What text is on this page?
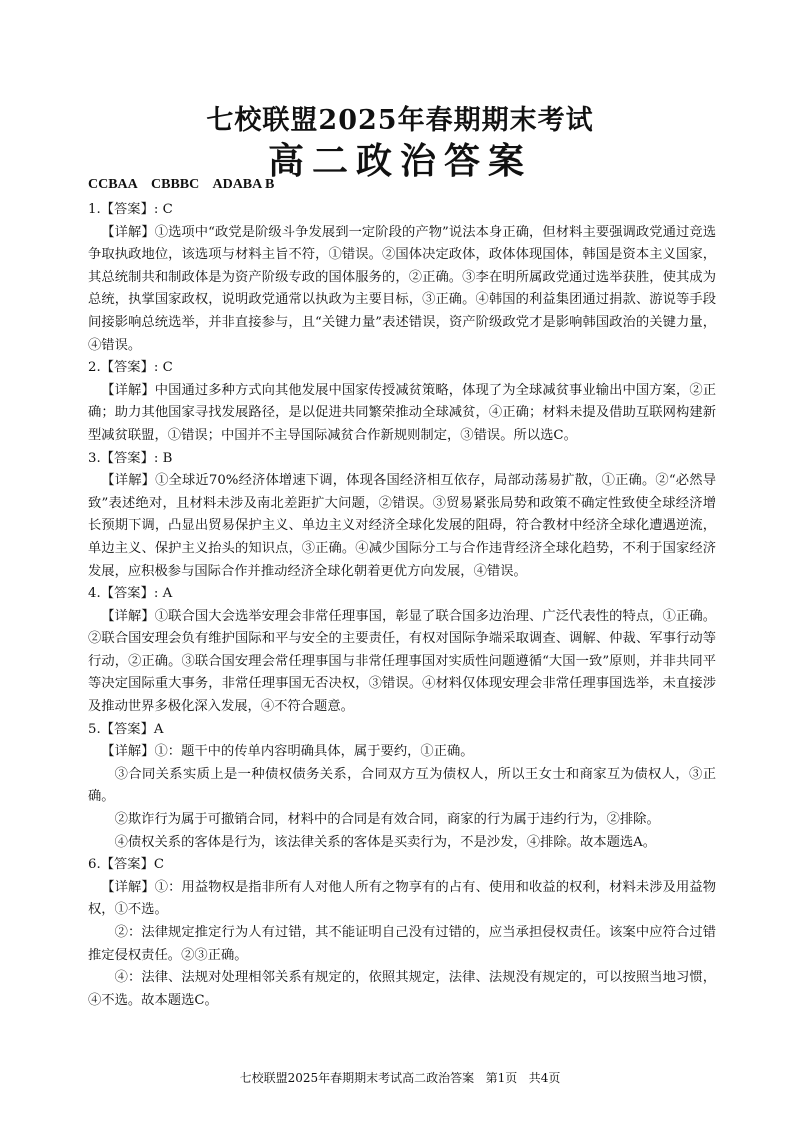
七校联盟2025年春期期末考试
高二政治答案
CCBAA    CBBBC    ADABA B

1.【答案】: C

【详解】①选项中“政党是阶级斗争发展到一定阶段的产物”说法本身正确，但材料主要强调政党通过竞选争取执政地位，该选项与材料主旨不符，①错误。②国体决定政体，政体体现国体，韩国是资本主义国家，其总统制共和制政体是为资产阶级专政的国体服务的，②正确。③李在明所属政党通过选举获胜，使其成为总统，执掌国家政权，说明政党通常以执政为主要目标，③正确。④韩国的利益集团通过捐款、游说等手段间接影响总统选举，并非直接参与，且“关键力量”表述错误，资产阶级政党才是影响韩国政治的关键力量，④错误。

2.【答案】: C

【详解】中国通过多种方式向其他发展中国家传授减贫策略，体现了为全球减贫事业输出中国方案，②正确；助力其他国家寻找发展路径，是以促进共同繁荣推动全球减贫，④正确；材料未提及借助互联网构建新型减贫联盟，①错误；中国并不主导国际减贫合作新规则制定，③错误。所以选C。

3.【答案】: B

【详解】①全球近70%经济体增速下调，体现各国经济相互依存，局部动荡易扩散，①正确。②“必然导致”表述绝对，且材料未涉及南北差距扩大问题，②错误。③贸易紧张局势和政策不确定性致使全球经济增长预期下调，凸显出贸易保护主义、单边主义对经济全球化发展的阻碍，符合教材中经济全球化遭遇逆流，单边主义、保护主义抬头的知识点，③正确。④减少国际分工与合作违背经济全球化趋势，不利于国家经济发展，应积极参与国际合作并推动经济全球化朝着更优方向发展，④错误。

4.【答案】: A

【详解】①联合国大会选举安理会非常任理事国，彰显了联合国多边治理、广泛代表性的特点，①正确。②联合国安理会负有维护国际和平与安全的主要责任，有权对国际争端采取调查、调解、仲裁、军事行动等行动，②正确。③联合国安理会常任理事国与非常任理事国对实质性问题遵循“大国一致”原则，并非共同平等决定国际重大事务，非常任理事国无否决权，③错误。④材料仅体现安理会非常任理事国选举，未直接涉及推动世界多极化深入发展，④不符合题意。

5.【答案】A

【详解】①：题干中的传单内容明确具体，属于要约，①正确。

③合同关系实质上是一种债权债务关系，合同双方互为债权人，所以王女士和商家互为债权人，③正确。

②欺诈行为属于可撤销合同，材料中的合同是有效合同，商家的行为属于违约行为，②排除。

④债权关系的客体是行为，该法律关系的客体是买卖行为，不是沙发，④排除。故本题选A。

6.【答案】C

【详解】①：用益物权是指非所有人对他人所有之物享有的占有、使用和收益的权利，材料未涉及用益物权，①不选。

②：法律规定推定行为人有过错，其不能证明自己没有过错的，应当承担侵权责任。该案中应符合过错推定侵权责任。②③正确。

④：法律、法规对处理相邻关系有规定的，依照其规定，法律、法规没有规定的，可以按照当地习惯，④不选。故本题选C。

七校联盟2025年春期期末考试高二政治答案   第1页   共4页
